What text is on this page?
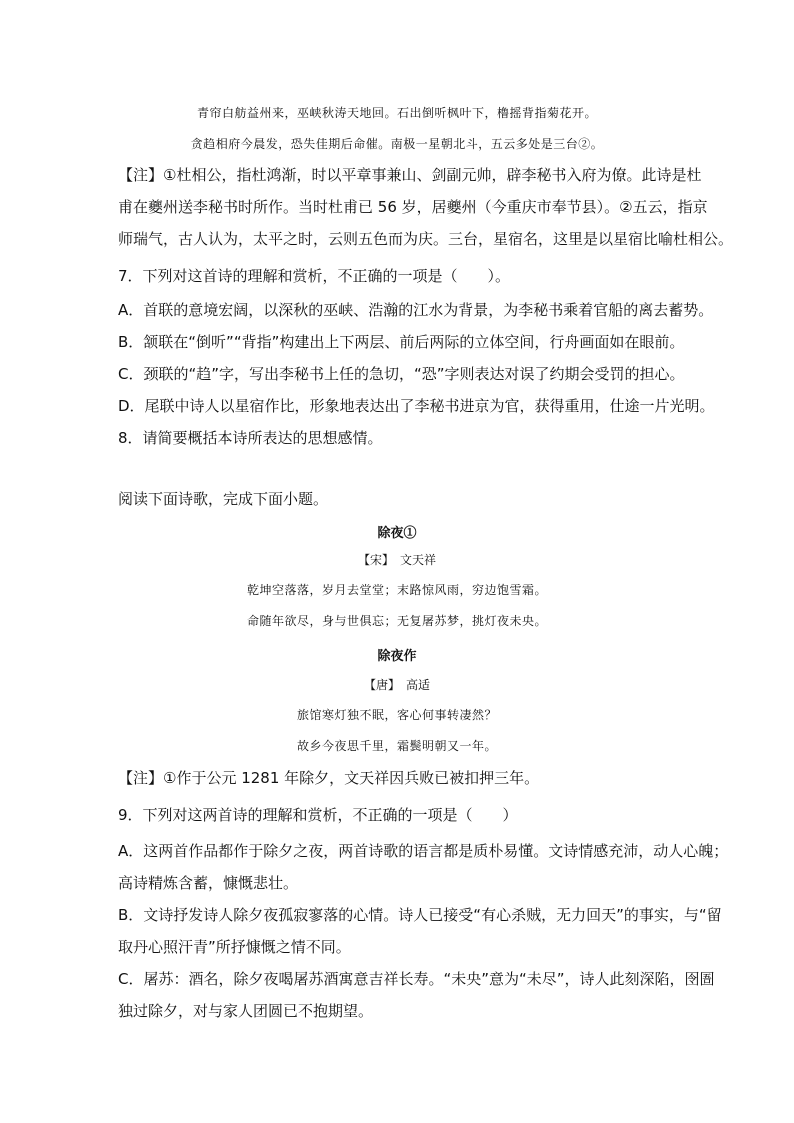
青帘白舫益州来，巫峡秋涛天地回。石出倒听枫叶下，橹摇背指菊花开。
贪趋相府今晨发，恐失佳期后命催。南极一星朝北斗，五云多处是三台②。
【注】①杜相公，指杜鸿渐，时以平章事兼山、剑副元帅，辟李秘书入府为僚。此诗是杜
甫在夔州送李秘书时所作。当时杜甫已 56 岁，居夔州（今重庆市奉节县）。②五云，指京
师瑞气，古人认为，太平之时，云则五色而为庆。三台，星宿名，这里是以星宿比喻杜相公。
7．下列对这首诗的理解和赏析，不正确的一项是（　　）。
A．首联的意境宏阔，以深秋的巫峡、浩瀚的江水为背景，为李秘书乘着官船的离去蓄势。
B．颔联在“倒听”“背指”构建出上下两层、前后两际的立体空间，行舟画面如在眼前。
C．颈联的“趋”字，写出李秘书上任的急切，“恐”字则表达对误了约期会受罚的担心。
D．尾联中诗人以星宿作比，形象地表达出了李秘书进京为官，获得重用，仕途一片光明。
8．请简要概括本诗所表达的思想感情。
阅读下面诗歌，完成下面小题。
除夜①
【宋】　文天祥
乾坤空落落，岁月去堂堂；末路惊风雨，穷边饱雪霜。
命随年欲尽，身与世俱忘；无复屠苏梦，挑灯夜未央。
除夜作
【唐】　高适
旅馆寒灯独不眠，客心何事转凄然？
故乡今夜思千里，霜鬓明朝又一年。
【注】①作于公元 1281 年除夕，文天祥因兵败已被扣押三年。
9．下列对这两首诗的理解和赏析，不正确的一项是（　　）
A．这两首作品都作于除夕之夜，两首诗歌的语言都是质朴易懂。文诗情感充沛，动人心魄；
高诗精炼含蓄，慷慨悲壮。
B．文诗抒发诗人除夕夜孤寂寥落的心情。诗人已接受“有心杀贼，无力回天”的事实，与“留
取丹心照汗青”所抒慷慨之情不同。
C．屠苏：酒名，除夕夜喝屠苏酒寓意吉祥长寿。“未央”意为“未尽”，诗人此刻深陷，囹圄
独过除夕，对与家人团圆已不抱期望。
